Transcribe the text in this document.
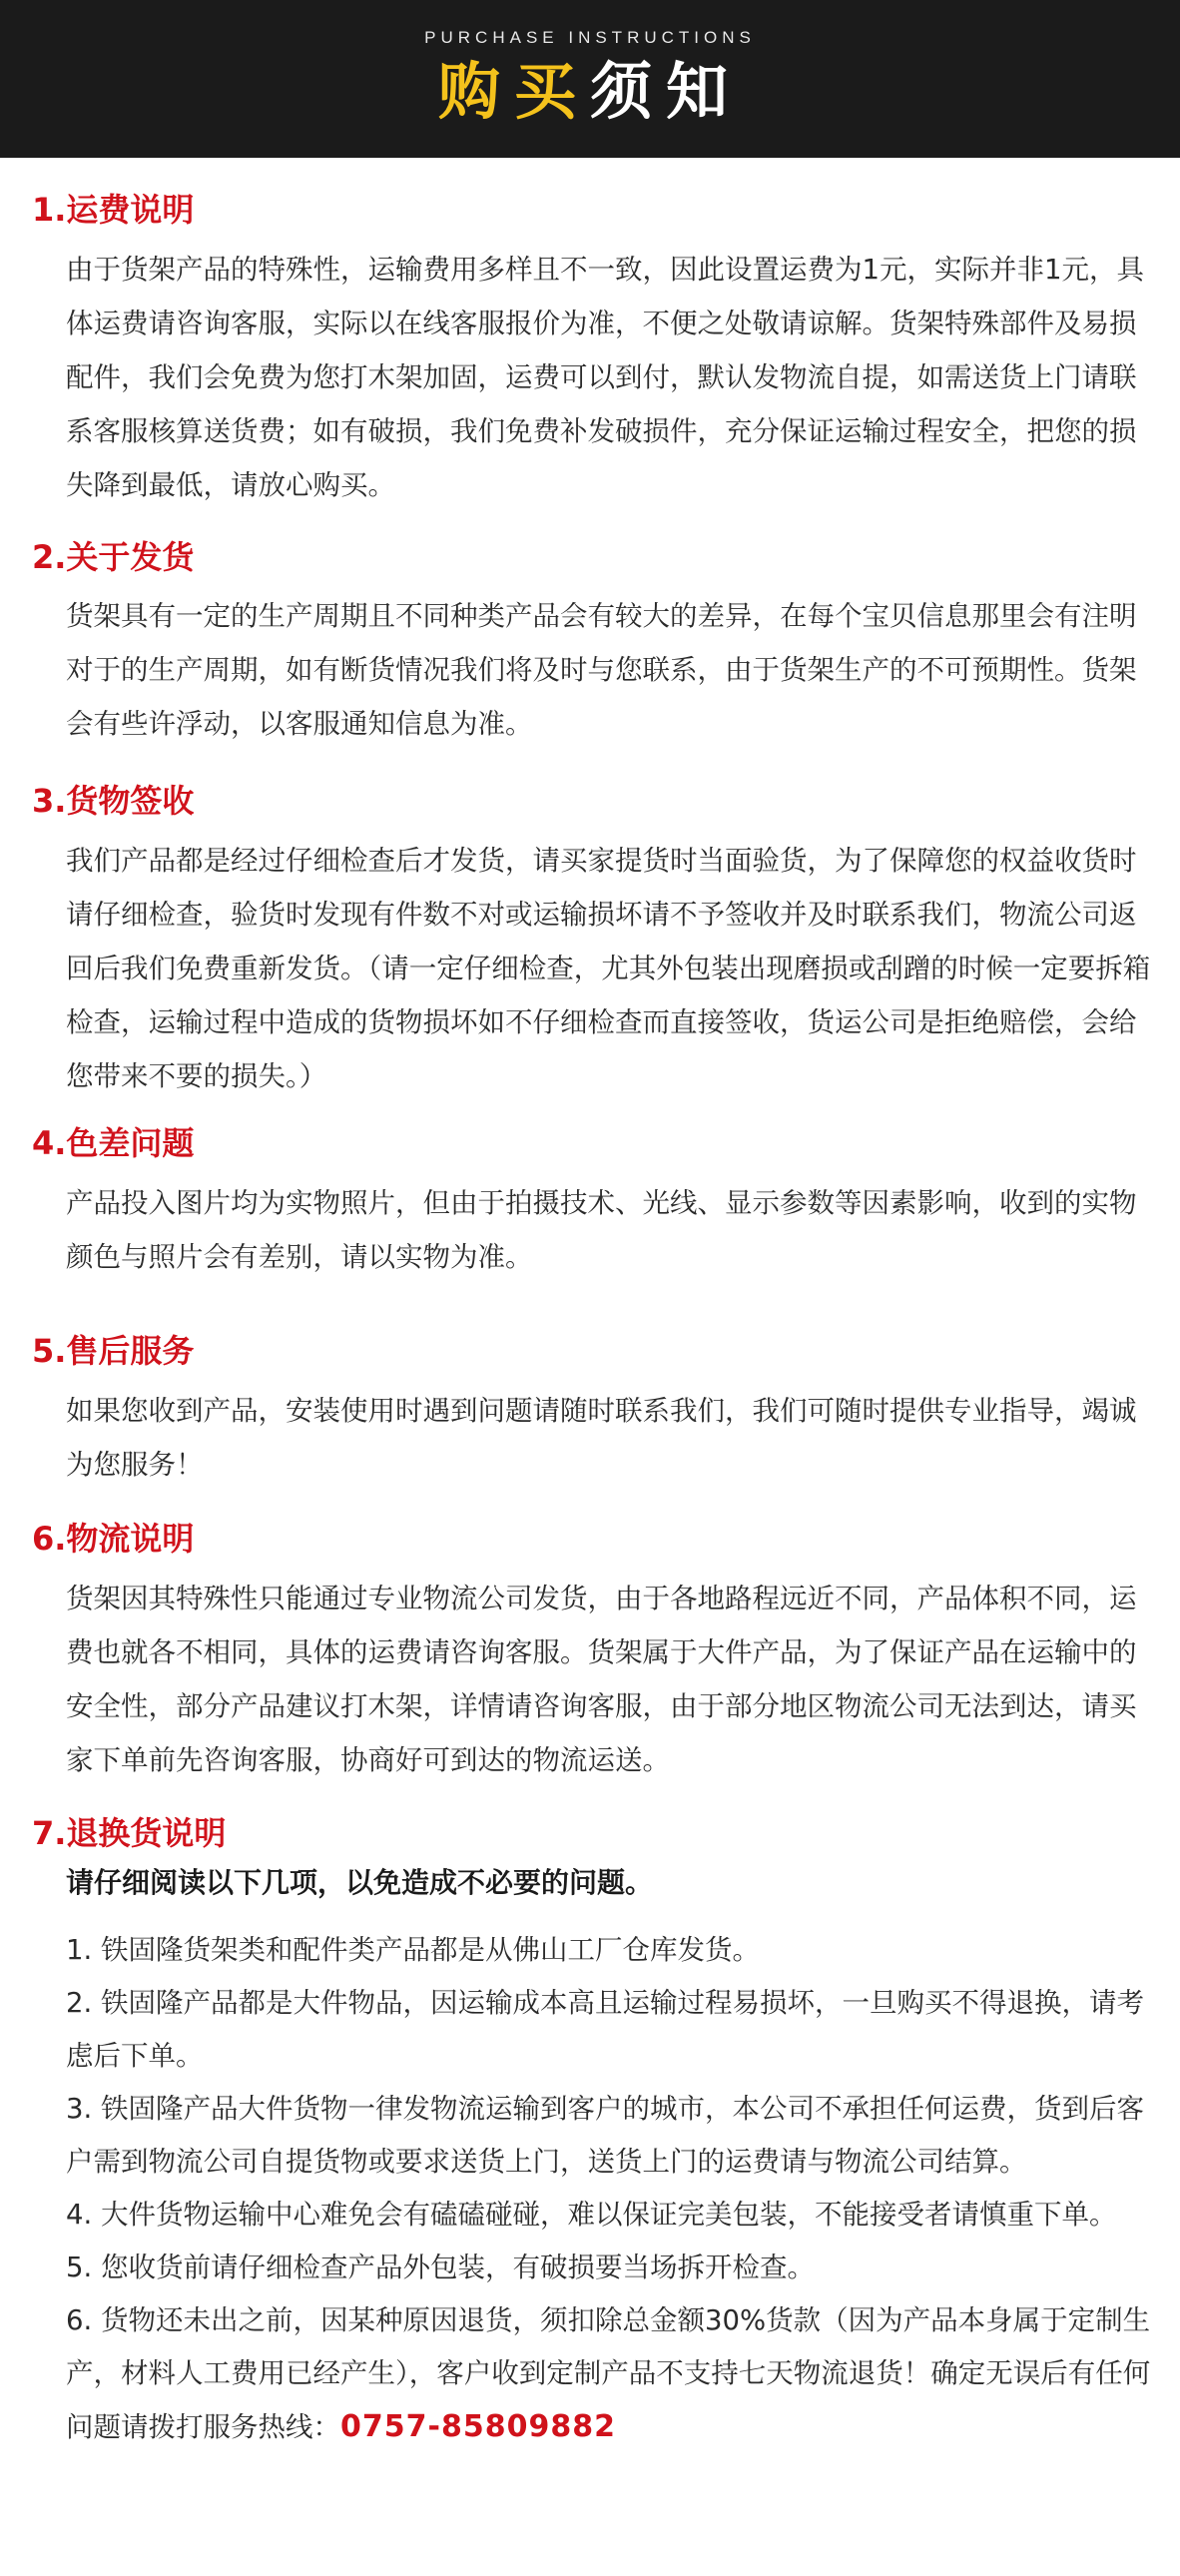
PURCHASE INSTRUCTIONS
购买须知
1.运费说明

由于货架产品的特殊性，运输费用多样且不一致，因此设置运费为1元，实际并非1元，具体运费请咨询客服，实际以在线客服报价为准，不便之处敬请谅解。货架特殊部件及易损配件，我们会免费为您打木架加固，运费可以到付，默认发物流自提，如需送货上门请联系客服核算送货费；如有破损，我们免费补发破损件，充分保证运输过程安全，把您的损失降到最低，请放心购买。

2.关于发货

货架具有一定的生产周期且不同种类产品会有较大的差异，在每个宝贝信息那里会有注明对于的生产周期，如有断货情况我们将及时与您联系，由于货架生产的不可预期性。货架会有些许浮动，以客服通知信息为准。

3.货物签收

我们产品都是经过仔细检查后才发货，请买家提货时当面验货，为了保障您的权益收货时请仔细检查，验货时发现有件数不对或运输损坏请不予签收并及时联系我们，物流公司返回后我们免费重新发货。（请一定仔细检查，尤其外包装出现磨损或刮蹭的时候一定要拆箱检查，运输过程中造成的货物损坏如不仔细检查而直接签收，货运公司是拒绝赔偿，会给您带来不要的损失。）

4.色差问题

产品投入图片均为实物照片，但由于拍摄技术、光线、显示参数等因素影响，收到的实物颜色与照片会有差别，请以实物为准。

5.售后服务

如果您收到产品，安装使用时遇到问题请随时联系我们，我们可随时提供专业指导，竭诚为您服务！

6.物流说明

货架因其特殊性只能通过专业物流公司发货，由于各地路程远近不同，产品体积不同，运费也就各不相同，具体的运费请咨询客服。货架属于大件产品，为了保证产品在运输中的安全性，部分产品建议打木架，详情请咨询客服，由于部分地区物流公司无法到达，请买家下单前先咨询客服，协商好可到达的物流运送。

7.退换货说明
请仔细阅读以下几项，以免造成不必要的问题。
1. 铁固隆货架类和配件类产品都是从佛山工厂仓库发货。
2. 铁固隆产品都是大件物品，因运输成本高且运输过程易损坏，一旦购买不得退换，请考虑后下单。
3. 铁固隆产品大件货物一律发物流运输到客户的城市，本公司不承担任何运费，货到后客户需到物流公司自提货物或要求送货上门，送货上门的运费请与物流公司结算。
4. 大件货物运输中心难免会有磕磕碰碰，难以保证完美包装，不能接受者请慎重下单。
5. 您收货前请仔细检查产品外包装，有破损要当场拆开检查。
6. 货物还未出之前，因某种原因退货，须扣除总金额30%货款（因为产品本身属于定制生产，材料人工费用已经产生），客户收到定制产品不支持七天物流退货！确定无误后有任何问题请拨打服务热线：0757-85809882
